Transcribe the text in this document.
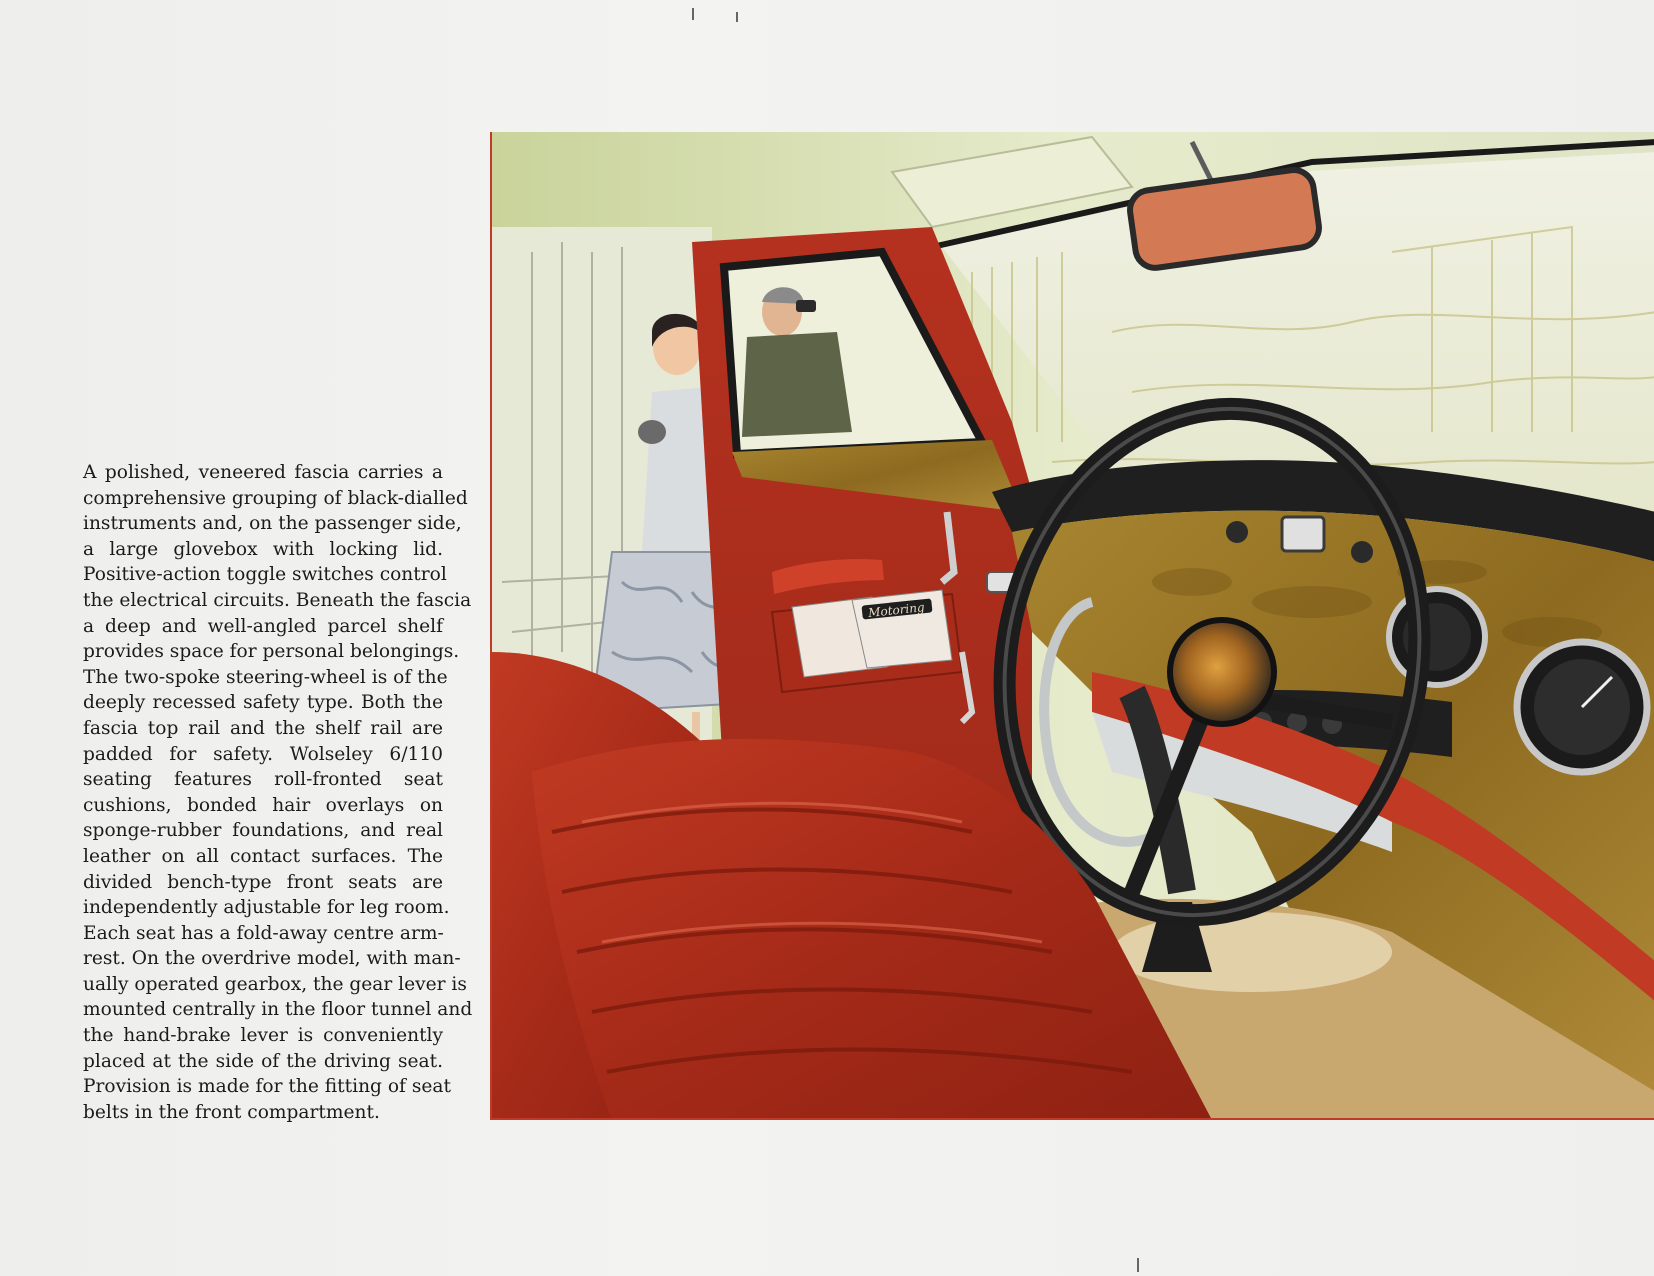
A polished, veneered fascia carries a
comprehensive grouping of black-dialled
instruments and, on the passenger side,
a large glovebox with locking lid.
Positive-action toggle switches control
the electrical circuits. Beneath the fascia
a deep and well-angled parcel shelf
provides space for personal belongings.
The two-spoke steering-wheel is of the
deeply recessed safety type. Both the
fascia top rail and the shelf rail are
padded for safety. Wolseley 6/110
seating features roll-fronted seat
cushions, bonded hair overlays on
sponge-rubber foundations, and real
leather on all contact surfaces. The
divided bench-type front seats are
independently adjustable for leg room.
Each seat has a fold-away centre arm-
rest. On the overdrive model, with man-
ually operated gearbox, the gear lever is
mounted centrally in the floor tunnel and
the hand-brake lever is conveniently
placed at the side of the driving seat.
Provision is made for the fitting of seat
belts in the front compartment.
Motoring
